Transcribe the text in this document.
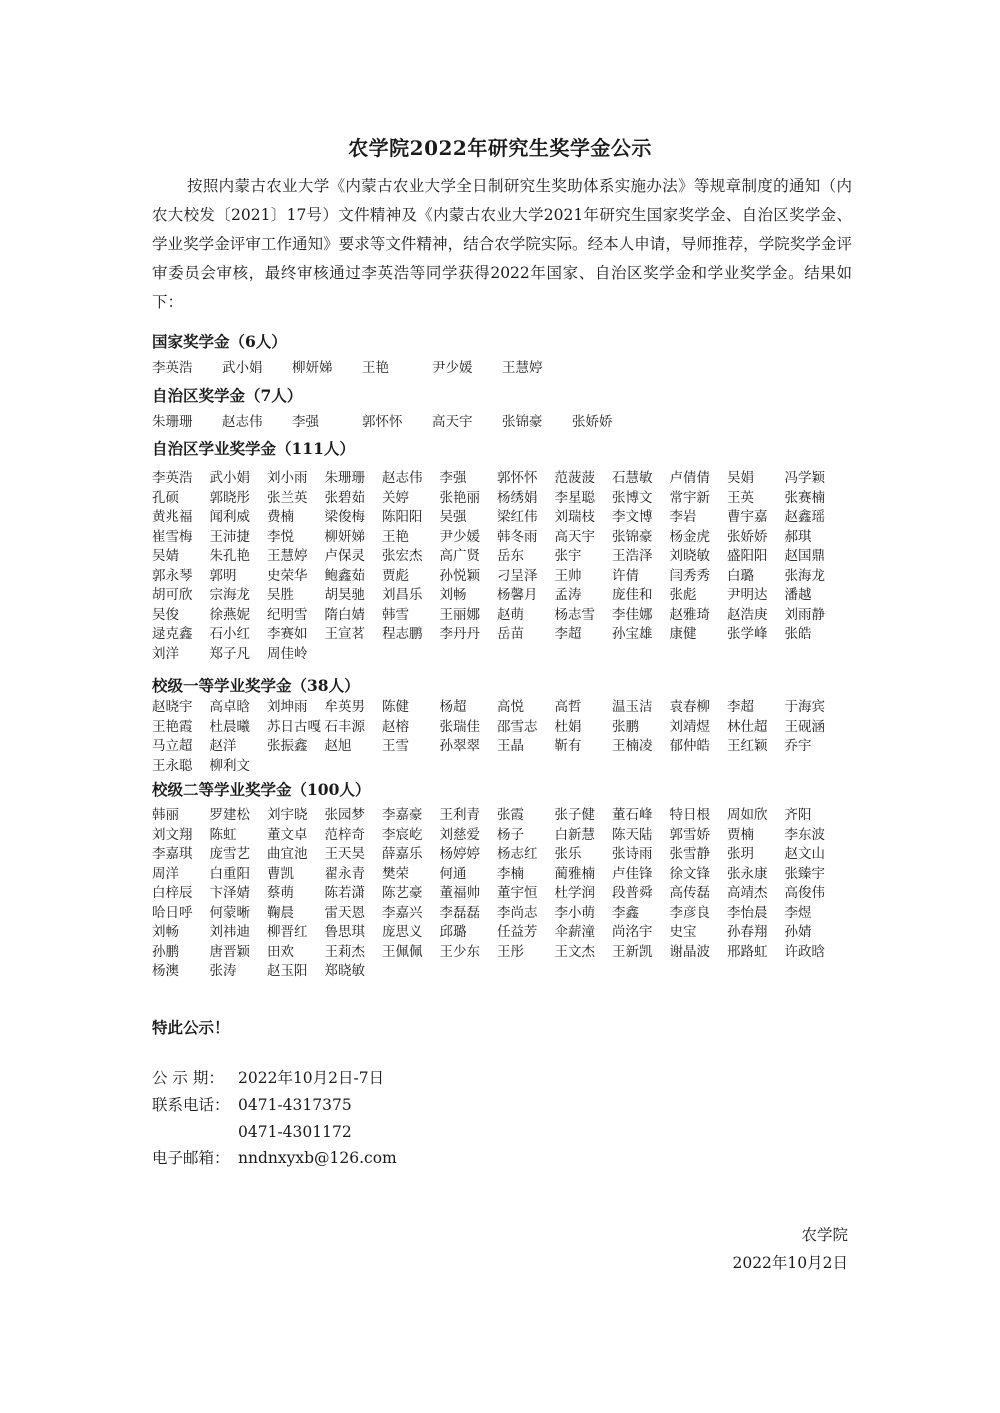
农学院2022年研究生奖学金公示

按照内蒙古农业大学《内蒙古农业大学全日制研究生奖助体系实施办法》等规章制度的通知（内农大校发〔2021〕17号）文件精神及《内蒙古农业大学2021年研究生国家奖学金、自治区奖学金、学业奖学金评审工作通知》要求等文件精神，结合农学院实际。经本人申请，导师推荐，学院奖学金评审委员会审核，最终审核通过李英浩等同学获得2022年国家、自治区奖学金和学业奖学金。结果如下：

国家奖学金（6人）
李英浩	武小娟	柳妍娣	王艳	尹少媛	王慧婷
自治区奖学金（7人）
朱珊珊	赵志伟	李强	郭怀怀	高天宇	张锦豪	张娇娇
自治区学业奖学金（111人）
李英浩	武小娟	刘小雨	朱珊珊	赵志伟	李强	郭怀怀	范菠菠	石慧敏	卢倩倩	吴娟	冯学颖
孔硕	郭晓彤	张兰英	张碧茹	关婷	张艳丽	杨绣娟	李星聪	张博文	常宇新	王英	张赛楠
黄兆福	闻利威	费楠	梁俊梅	陈阳阳	吴强	梁红伟	刘瑞枝	李文博	李岩	曹宇嘉	赵鑫瑶
崔雪梅	王沛捷	李悦	柳妍娣	王艳	尹少媛	韩冬雨	高天宇	张锦豪	杨金虎	张娇娇	郝琪
吴婧	朱孔艳	王慧婷	卢保灵	张宏杰	高广贤	岳东	张宇	王浩泽	刘晓敏	盛阳阳	赵国鼎
郭永琴	郭明	史荣华	鲍鑫茹	贾彪	孙悦颖	刁呈泽	王帅	许倩	闫秀秀	白璐	张海龙
胡可欣	宗海龙	吴胜	胡昊驰	刘昌乐	刘畅	杨馨月	孟涛	庞佳和	张彪	尹明达	潘越
吴俊	徐燕妮	纪明雪	隋白婧	韩雪	王丽娜	赵萌	杨志雪	李佳娜	赵雅琦	赵浩庚	刘雨静
逯克鑫	石小红	李赛如	王宣茗	程志鹏	李丹丹	岳苗	李超	孙宝雄	康健	张学峰	张皓
刘洋	郑子凡	周佳岭
校级一等学业奖学金（38人）
赵晓宇	高卓晗	刘坤雨	牟英男	陈健	杨超	高悦	高哲	温玉洁	袁春柳	李超	于海宾
王艳霞	杜晨曦	苏日古嘎 石丰源	赵榕	张瑞佳	邵雪志	杜娟	张鹏	刘靖煜	林仕超	王砚涵
马立超	赵洋	张振鑫	赵旭	王雪	孙翠翠	王晶	靳有	王楠凌	郁仲皓	王红颖	乔宇
王永聪	柳利文
校级二等学业奖学金（100人）
韩丽	罗建松	刘宇晓	张园梦	李嘉豪	王利青	张霞	张子健	董石峰	特日根	周如欣	齐阳
刘文翔	陈虹	董文卓	范梓奇	李宸屹	刘慈爱	杨子	白新慧	陈天陆	郭雪娇	贾楠	李东波
李嘉琪	庞雪艺	曲宜池	王天昊	薛嘉乐	杨婷婷	杨志红	张乐	张诗雨	张雪静	张玥	赵文山
周洋	白重阳	曹凯	翟永青	樊荣	何通	李楠	蔺雅楠	卢佳锋	徐文锋	张永康	张臻宇
白梓辰	卞泽婧	蔡萌	陈若潇	陈艺豪	董福帅	董宇恒	杜学润	段普舜	高传磊	高靖杰	高俊伟
哈日呼	何蒙晰	鞠晨	雷天恩	李嘉兴	李磊磊	李尚志	李小萌	李鑫	李彦良	李怡晨	李煜
刘畅	刘祎迪	柳晋红	鲁思琪	庞思义	邱璐	任益芳	伞薪潼	尚洺宇	史宝	孙春翔	孙婧
孙鹏	唐晋颖	田欢	王莉杰	王佩佩	王少东	王彤	王文杰	王新凯	谢晶波	邢路虹	许政晗
杨澳	张涛	赵玉阳	郑晓敏
特此公示！
公 示 期： 2022年10月2日-7日
联系电话： 0471-4317375
0471-4301172
电子邮箱： nndnxyxb@126.com
农学院
2022年10月2日
